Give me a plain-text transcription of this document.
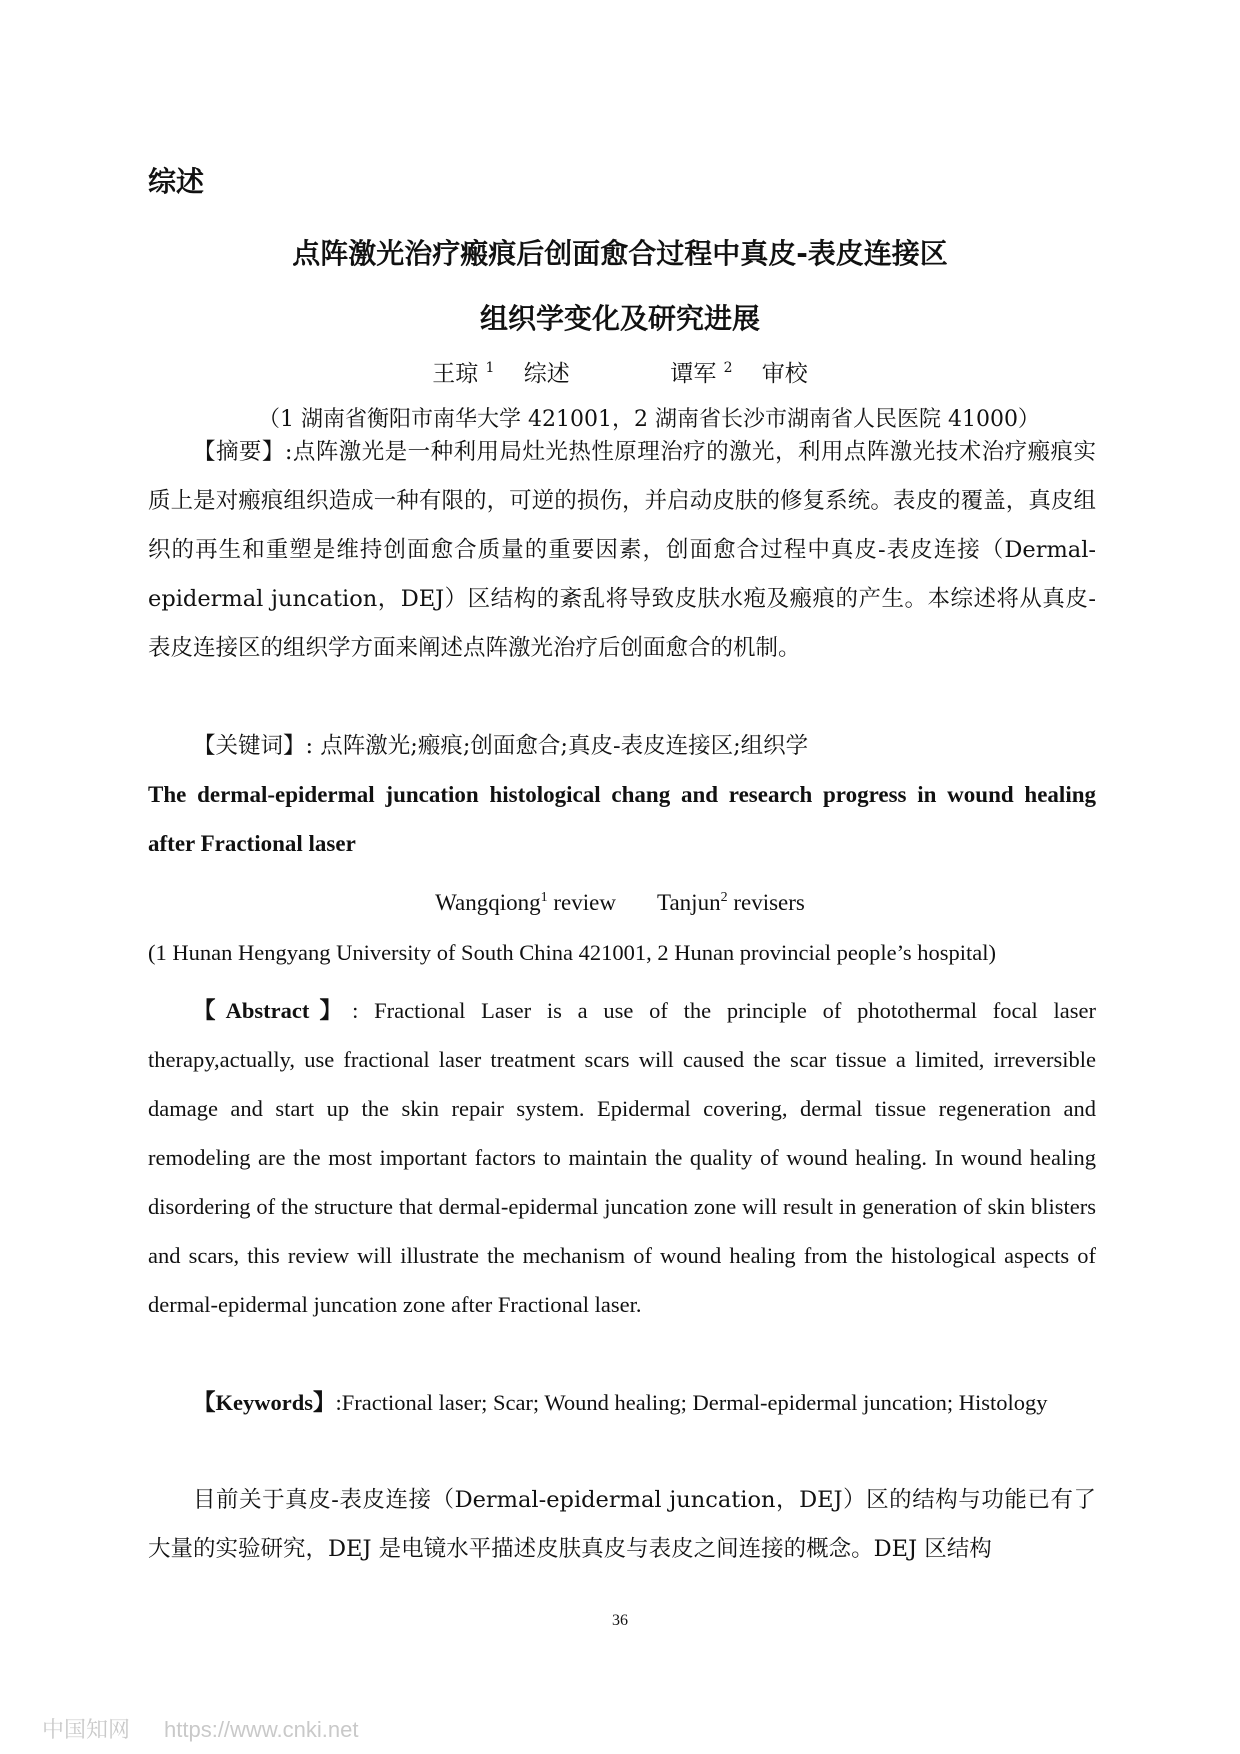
综述
点阵激光治疗瘢痕后创面愈合过程中真皮-表皮连接区
组织学变化及研究进展
王琼 $^1$ 综述	谭军 $^2$ 审校
（1 湖南省衡阳市南华大学 421001，2 湖南省长沙市湖南省人民医院 41000）
【摘要】:点阵激光是一种利用局灶光热性原理治疗的激光，利用点阵激光技术治疗瘢痕实质上是对瘢痕组织造成一种有限的，可逆的损伤，并启动皮肤的修复系统。表皮的覆盖，真皮组织的再生和重塑是维持创面愈合质量的重要因素，创面愈合过程中真皮-表皮连接（Dermal-epidermal juncation，DEJ）区结构的紊乱将导致皮肤水疱及瘢痕的产生。本综述将从真皮-表皮连接区的组织学方面来阐述点阵激光治疗后创面愈合的机制。
【关键词】: 点阵激光;瘢痕;创面愈合;真皮-表皮连接区;组织学
The dermal-epidermal juncation histological chang and research progress in wound healing after Fractional laser
Wangqiong$^1$ review Tanjun$^2$ revisers
(1 Hunan Hengyang University of South China 421001, 2 Hunan provincial people’s hospital)
【Abstract】: Fractional Laser is a use of the principle of photothermal focal laser therapy,actually, use fractional laser treatment scars will caused the scar tissue a limited, irreversible damage and start up the skin repair system. Epidermal covering, dermal tissue regeneration and remodeling are the most important factors to maintain the quality of wound healing. In wound healing disordering of the structure that dermal-epidermal juncation zone will result in generation of skin blisters and scars, this review will illustrate the mechanism of wound healing from the histological aspects of dermal-epidermal juncation zone after Fractional laser.
【Keywords】:Fractional laser; Scar; Wound healing; Dermal-epidermal juncation; Histology
目前关于真皮-表皮连接（Dermal-epidermal juncation，DEJ）区的结构与功能已有了大量的实验研究，DEJ 是电镜水平描述皮肤真皮与表皮之间连接的概念。DEJ 区结构
36
中国知网 https://www.cnki.net
